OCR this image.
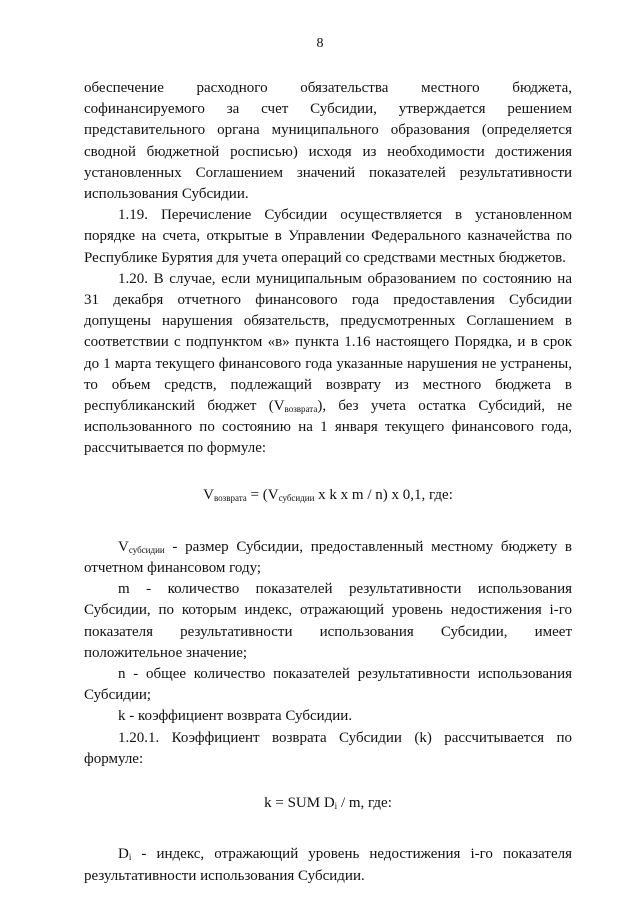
8

обеспечение расходного обязательства местного бюджета, софинансируемого за счет Субсидии, утверждается решением представительного органа муниципального образования (определяется сводной бюджетной росписью) исходя из необходимости достижения установленных Соглашением значений показателей результативности использования Субсидии.

1.19. Перечисление Субсидии осуществляется в установленном порядке на счета, открытые в Управлении Федерального казначейства по Республике Бурятия для учета операций со средствами местных бюджетов.

1.20. В случае, если муниципальным образованием по состоянию на 31 декабря отчетного финансового года предоставления Субсидии допущены нарушения обязательств, предусмотренных Соглашением в соответствии с подпунктом «в» пункта 1.16 настоящего Порядка, и в срок до 1 марта текущего финансового года указанные нарушения не устранены, то объем средств, подлежащий возврату из местного бюджета в республиканский бюджет $(V_{возврата})$, без учета остатка Субсидий, не использованного по состоянию на 1 января текущего финансового года, рассчитывается по формуле:

$V_{возврата} = (V_{субсидии}$ x k x m / n) x 0,1, где:

$V_{субсидии}$ - размер Субсидии, предоставленный местному бюджету в отчетном финансовом году;

m - количество показателей результативности использования Субсидии, по которым индекс, отражающий уровень недостижения i-го показателя результативности использования Субсидии, имеет положительное значение;

n - общее количество показателей результативности использования Субсидии;

k - коэффициент возврата Субсидии.

1.20.1. Коэффициент возврата Субсидии (k) рассчитывается по формуле:

k = SUM $D_i$ / m, где:

$D_i$ - индекс, отражающий уровень недостижения i-го показателя результативности использования Субсидии.
